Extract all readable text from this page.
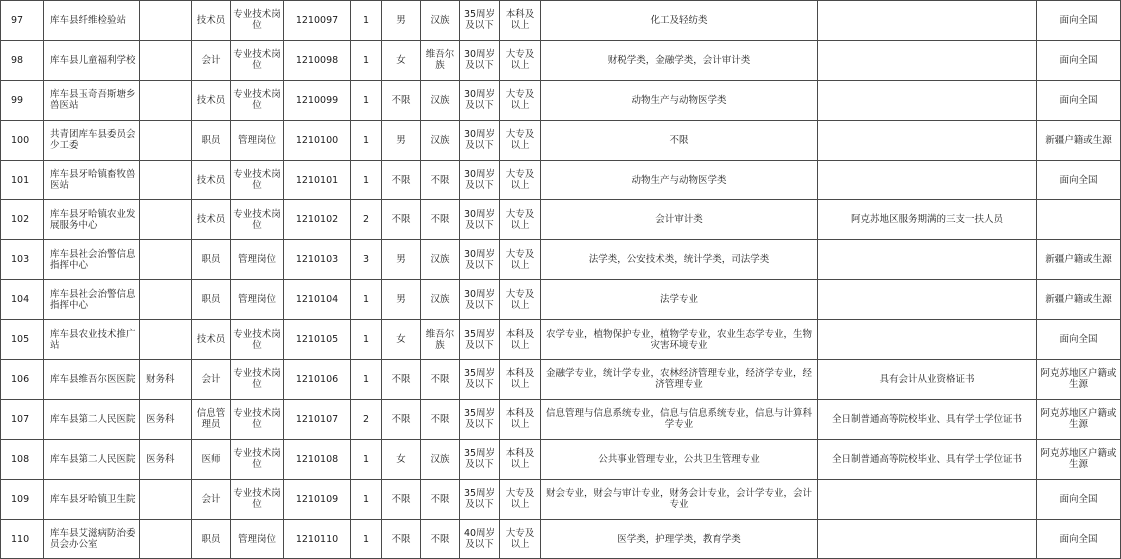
97	库车县纤维检验站		技术员	专业技术岗位	1210097	1	男	汉族	35周岁及以下	本科及以上	化工及轻纺类		面向全国
98	库车县儿童福利学校		会计	专业技术岗位	1210098	1	女	维吾尔族	30周岁及以下	大专及以上	财税学类，金融学类，会计审计类		面向全国
99	库车县玉奇吾斯塘乡兽医站		技术员	专业技术岗位	1210099	1	不限	汉族	30周岁及以下	大专及以上	动物生产与动物医学类		面向全国
100	共青团库车县委员会少工委		职员	管理岗位	1210100	1	男	汉族	30周岁及以下	大专及以上	不限		新疆户籍或生源
101	库车县牙哈镇畜牧兽医站		技术员	专业技术岗位	1210101	1	不限	不限	30周岁及以下	大专及以上	动物生产与动物医学类		面向全国
102	库车县牙哈镇农业发展服务中心		技术员	专业技术岗位	1210102	2	不限	不限	30周岁及以下	大专及以上	会计审计类	阿克苏地区服务期满的三支一扶人员	
103	库车县社会治警信息指挥中心		职员	管理岗位	1210103	3	男	汉族	30周岁及以下	大专及以上	法学类，公安技术类，统计学类，司法学类		新疆户籍或生源
104	库车县社会治警信息指挥中心		职员	管理岗位	1210104	1	男	汉族	30周岁及以下	大专及以上	法学专业		新疆户籍或生源
105	库车县农业技术推广站		技术员	专业技术岗位	1210105	1	女	维吾尔族	35周岁及以下	本科及以上	农学专业，植物保护专业，植物学专业，农业生态学专业，生物灾害环境专业		面向全国
106	库车县维吾尔医医院	财务科	会计	专业技术岗位	1210106	1	不限	不限	35周岁及以下	本科及以上	金融学专业，统计学专业，农林经济管理专业，经济学专业，经济管理专业	具有会计从业资格证书	阿克苏地区户籍或生源
107	库车县第二人民医院	医务科	信息管理员	专业技术岗位	1210107	2	不限	不限	35周岁及以下	本科及以上	信息管理与信息系统专业，信息与信息系统专业，信息与计算科学专业	全日制普通高等院校毕业、具有学士学位证书	阿克苏地区户籍或生源
108	库车县第二人民医院	医务科	医师	专业技术岗位	1210108	1	女	汉族	35周岁及以下	本科及以上	公共事业管理专业，公共卫生管理专业	全日制普通高等院校毕业、具有学士学位证书	阿克苏地区户籍或生源
109	库车县牙哈镇卫生院		会计	专业技术岗位	1210109	1	不限	不限	35周岁及以下	大专及以上	财会专业，财会与审计专业，财务会计专业，会计学专业，会计专业		面向全国
110	库车县艾滋病防治委员会办公室		职员	管理岗位	1210110	1	不限	不限	40周岁及以下	大专及以上	医学类，护理学类，教育学类		面向全国
